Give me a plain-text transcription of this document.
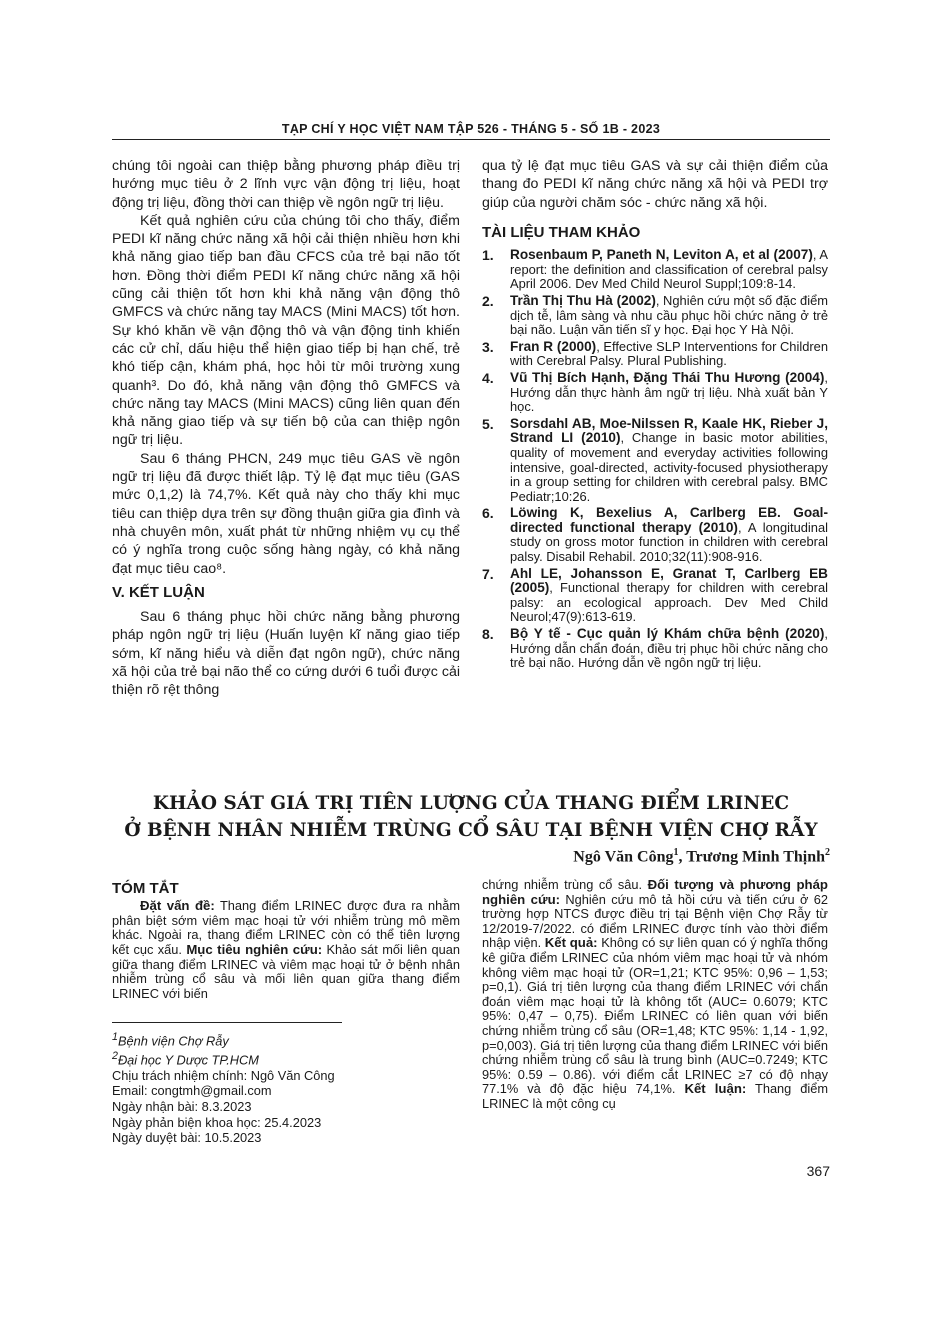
TẠP CHÍ Y HỌC VIỆT NAM TẬP 526 - THÁNG 5 - SỐ 1B - 2023

chúng tôi ngoài can thiệp bằng phương pháp điều trị hướng mục tiêu ở 2 lĩnh vực vận động trị liệu, hoạt động trị liệu, đồng thời can thiệp về ngôn ngữ trị liệu.

Kết quả nghiên cứu của chúng tôi cho thấy, điểm PEDI kĩ năng chức năng xã hội cải thiện nhiều hơn khi khả năng giao tiếp ban đầu CFCS của trẻ bại não tốt hơn. Đồng thời điểm PEDI kĩ năng chức năng xã hội cũng cải thiện tốt hơn khi khả năng vận động thô GMFCS và chức năng tay MACS (Mini MACS) tốt hơn. Sự khó khăn về vận động thô và vận động tinh khiến các cử chỉ, dấu hiệu thể hiện giao tiếp bị hạn chế, trẻ khó tiếp cận, khám phá, học hỏi từ môi trường xung quanh³. Do đó, khả năng vận động thô GMFCS và chức năng tay MACS (Mini MACS) cũng liên quan đến khả năng giao tiếp và sự tiến bộ của can thiệp ngôn ngữ trị liệu.

Sau 6 tháng PHCN, 249 mục tiêu GAS về ngôn ngữ trị liệu đã được thiết lập. Tỷ lệ đạt mục tiêu (GAS mức 0,1,2) là 74,7%. Kết quả này cho thấy khi mục tiêu can thiệp dựa trên sự đồng thuận giữa gia đình và nhà chuyên môn, xuất phát từ những nhiệm vụ cụ thể có ý nghĩa trong cuộc sống hàng ngày, có khả năng đạt mục tiêu cao⁸.

V. KẾT LUẬN

Sau 6 tháng phục hồi chức năng bằng phương pháp ngôn ngữ trị liệu (Huấn luyện kĩ năng giao tiếp sớm, kĩ năng hiểu và diễn đạt ngôn ngữ), chức năng xã hội của trẻ bại não thể co cứng dưới 6 tuổi được cải thiện rõ rệt thông

qua tỷ lệ đạt mục tiêu GAS và sự cải thiện điểm của thang đo PEDI kĩ năng chức năng xã hội và PEDI trợ giúp của người chăm sóc - chức năng xã hội.

TÀI LIỆU THAM KHẢO
1.	Rosenbaum P, Paneth N, Leviton A, et al (2007), A report: the definition and classification of cerebral palsy April 2006. Dev Med Child Neurol Suppl;109:8-14.
2.	Trần Thị Thu Hà (2002), Nghiên cứu một số đặc điểm dịch tễ, lâm sàng và nhu cầu phục hồi chức năng ở trẻ bại não. Luận văn tiến sĩ y học. Đại học Y Hà Nội.
3.	Fran R (2000), Effective SLP Interventions for Children with Cerebral Palsy. Plural Publishing.
4.	Vũ Thị Bích Hạnh, Đặng Thái Thu Hương (2004), Hướng dẫn thực hành âm ngữ trị liệu. Nhà xuất bản Y học.
5.	Sorsdahl AB, Moe-Nilssen R, Kaale HK, Rieber J, Strand LI (2010), Change in basic motor abilities, quality of movement and everyday activities following intensive, goal-directed, activity-focused physiotherapy in a group setting for children with cerebral palsy. BMC Pediatr;10:26.
6.	Löwing K, Bexelius A, Carlberg EB. Goal-directed functional therapy (2010), A longitudinal study on gross motor function in children with cerebral palsy. Disabil Rehabil. 2010;32(11):908-916.
7.	Ahl LE, Johansson E, Granat T, Carlberg EB (2005), Functional therapy for children with cerebral palsy: an ecological approach. Dev Med Child Neurol;47(9):613-619.
8.	Bộ Y tế - Cục quản lý Khám chữa bệnh (2020), Hướng dẫn chẩn đoán, điều trị phục hồi chức năng cho trẻ bại não. Hướng dẫn về ngôn ngữ trị liệu.
KHẢO SÁT GIÁ TRỊ TIÊN LƯỢNG CỦA THANG ĐIỂM LRINEC
Ở BỆNH NHÂN NHIỄM TRÙNG CỔ SÂU TẠI BỆNH VIỆN CHỢ RẪY
Ngô Văn Công$^1$, Trương Minh Thịnh$^2$
TÓM TẮT

Đặt vấn đề: Thang điểm LRINEC được đưa ra nhằm phân biệt sớm viêm mạc hoại tử với nhiễm trùng mô mềm khác. Ngoài ra, thang điểm LRINEC còn có thể tiên lượng kết cục xấu. Mục tiêu nghiên cứu: Khảo sát mối liên quan giữa thang điểm LRINEC và viêm mạc hoại tử ở bệnh nhân nhiễm trùng cổ sâu và mối liên quan giữa thang điểm LRINEC với biến

chứng nhiễm trùng cổ sâu. Đối tượng và phương pháp nghiên cứu: Nghiên cứu mô tả hồi cứu và tiến cứu ở 62 trường hợp NTCS được điều trị tại Bệnh viện Chợ Rẫy từ 12/2019-7/2022. có điểm LRINEC được tính vào thời điểm nhập viện. Kết quả: Không có sự liên quan có ý nghĩa thống kê giữa điểm LRINEC của nhóm viêm mạc hoại tử và nhóm không viêm mạc hoại tử (OR=1,21; KTC 95%: 0,96 – 1,53; p=0,1). Giá trị tiên lượng của thang điểm LRINEC với chẩn đoán viêm mạc hoại tử là không tốt (AUC= 0.6079; KTC 95%: 0,47 – 0,75). Điểm LRINEC có liên quan với biến chứng nhiễm trùng cổ sâu (OR=1,48; KTC 95%: 1,14 - 1,92, p=0,003). Giá trị tiên lượng của thang điểm LRINEC với biến chứng nhiễm trùng cổ sâu là trung bình (AUC=0.7249; KTC 95%: 0.59 – 0.86). với điểm cắt LRINEC ≥7 có độ nhạy 77.1% và độ đặc hiệu 74,1%. Kết luận: Thang điểm LRINEC là một công cụ

$^1$Bệnh viện Chợ Rẫy
$^2$Đại học Y Dược TP.HCM
Chịu trách nhiệm chính: Ngô Văn Công
Email: congtmh@gmail.com
Ngày nhận bài: 8.3.2023
Ngày phản biện khoa học: 25.4.2023
Ngày duyệt bài: 10.5.2023
367
